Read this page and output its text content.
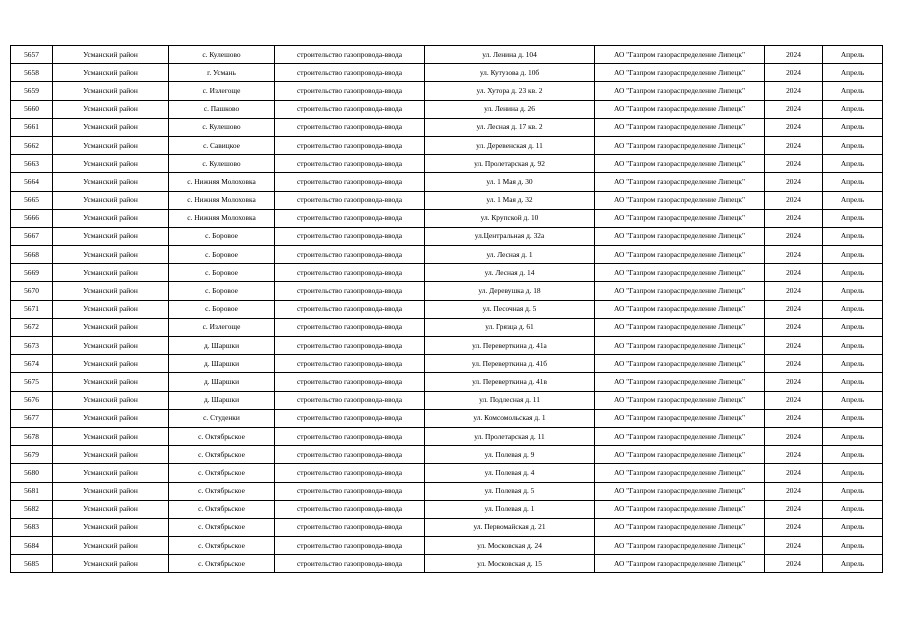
5657	Усманский район	с. Кулешово	строительство газопровода-ввода	ул. Ленина д. 104	АО "Газпром газораспределение Липецк"	2024	Апрель
5658	Усманский район	г. Усмань	строительство газопровода-ввода	ул. Кутузова д. 10б	АО "Газпром газораспределение Липецк"	2024	Апрель
5659	Усманский район	с. Излегоще	строительство газопровода-ввода	ул. Хутора д. 23 кв. 2	АО "Газпром газораспределение Липецк"	2024	Апрель
5660	Усманский район	с. Пашково	строительство газопровода-ввода	ул. Ленина д. 26	АО "Газпром газораспределение Липецк"	2024	Апрель
5661	Усманский район	с. Кулешово	строительство газопровода-ввода	ул. Лесная д. 17 кв. 2	АО "Газпром газораспределение Липецк"	2024	Апрель
5662	Усманский район	с. Савицкое	строительство газопровода-ввода	ул. Деревенская д. 11	АО "Газпром газораспределение Липецк"	2024	Апрель
5663	Усманский район	с. Кулешово	строительство газопровода-ввода	ул. Пролетарская д. 92	АО "Газпром газораспределение Липецк"	2024	Апрель
5664	Усманский район	с. Нижняя Молоховка	строительство газопровода-ввода	ул. 1 Мая д. 30	АО "Газпром газораспределение Липецк"	2024	Апрель
5665	Усманский район	с. Нижняя Молоховка	строительство газопровода-ввода	ул. 1 Мая д. 32	АО "Газпром газораспределение Липецк"	2024	Апрель
5666	Усманский район	с. Нижняя Молоховка	строительство газопровода-ввода	ул. Крупской д. 10	АО "Газпром газораспределение Липецк"	2024	Апрель
5667	Усманский район	с. Боровое	строительство газопровода-ввода	ул.Центральная д. 32а	АО "Газпром газораспределение Липецк"	2024	Апрель
5668	Усманский район	с. Боровое	строительство газопровода-ввода	ул. Лесная д. 1	АО "Газпром газораспределение Липецк"	2024	Апрель
5669	Усманский район	с. Боровое	строительство газопровода-ввода	ул. Лесная д. 14	АО "Газпром газораспределение Липецк"	2024	Апрель
5670	Усманский район	с. Боровое	строительство газопровода-ввода	ул. Деревушка д. 18	АО "Газпром газораспределение Липецк"	2024	Апрель
5671	Усманский район	с. Боровое	строительство газопровода-ввода	ул. Песочная д. 5	АО "Газпром газораспределение Липецк"	2024	Апрель
5672	Усманский район	с. Излегоще	строительство газопровода-ввода	ул. Грязца д. 61	АО "Газпром газораспределение Липецк"	2024	Апрель
5673	Усманский район	д. Шаршки	строительство газопровода-ввода	ул. Переверткина д. 41а	АО "Газпром газораспределение Липецк"	2024	Апрель
5674	Усманский район	д. Шаршки	строительство газопровода-ввода	ул. Переверткина д. 41б	АО "Газпром газораспределение Липецк"	2024	Апрель
5675	Усманский район	д. Шаршки	строительство газопровода-ввода	ул. Переверткина д. 41в	АО "Газпром газораспределение Липецк"	2024	Апрель
5676	Усманский район	д. Шаршки	строительство газопровода-ввода	ул. Подлесная д. 11	АО "Газпром газораспределение Липецк"	2024	Апрель
5677	Усманский район	с. Студенки	строительство газопровода-ввода	ул. Комсомольская д. 1	АО "Газпром газораспределение Липецк"	2024	Апрель
5678	Усманский район	с. Октябрьское	строительство газопровода-ввода	ул. Пролетарская д. 11	АО "Газпром газораспределение Липецк"	2024	Апрель
5679	Усманский район	с. Октябрьское	строительство газопровода-ввода	ул. Полевая д. 9	АО "Газпром газораспределение Липецк"	2024	Апрель
5680	Усманский район	с. Октябрьское	строительство газопровода-ввода	ул. Полевая д. 4	АО "Газпром газораспределение Липецк"	2024	Апрель
5681	Усманский район	с. Октябрьское	строительство газопровода-ввода	ул. Полевая д. 5	АО "Газпром газораспределение Липецк"	2024	Апрель
5682	Усманский район	с. Октябрьское	строительство газопровода-ввода	ул. Полевая д. 1	АО "Газпром газораспределение Липецк"	2024	Апрель
5683	Усманский район	с. Октябрьское	строительство газопровода-ввода	ул. Первомайская д. 21	АО "Газпром газораспределение Липецк"	2024	Апрель
5684	Усманский район	с. Октябрьское	строительство газопровода-ввода	ул. Московская д. 24	АО "Газпром газораспределение Липецк"	2024	Апрель
5685	Усманский район	с. Октябрьское	строительство газопровода-ввода	ул. Московская д. 15	АО "Газпром газораспределение Липецк"	2024	Апрель
